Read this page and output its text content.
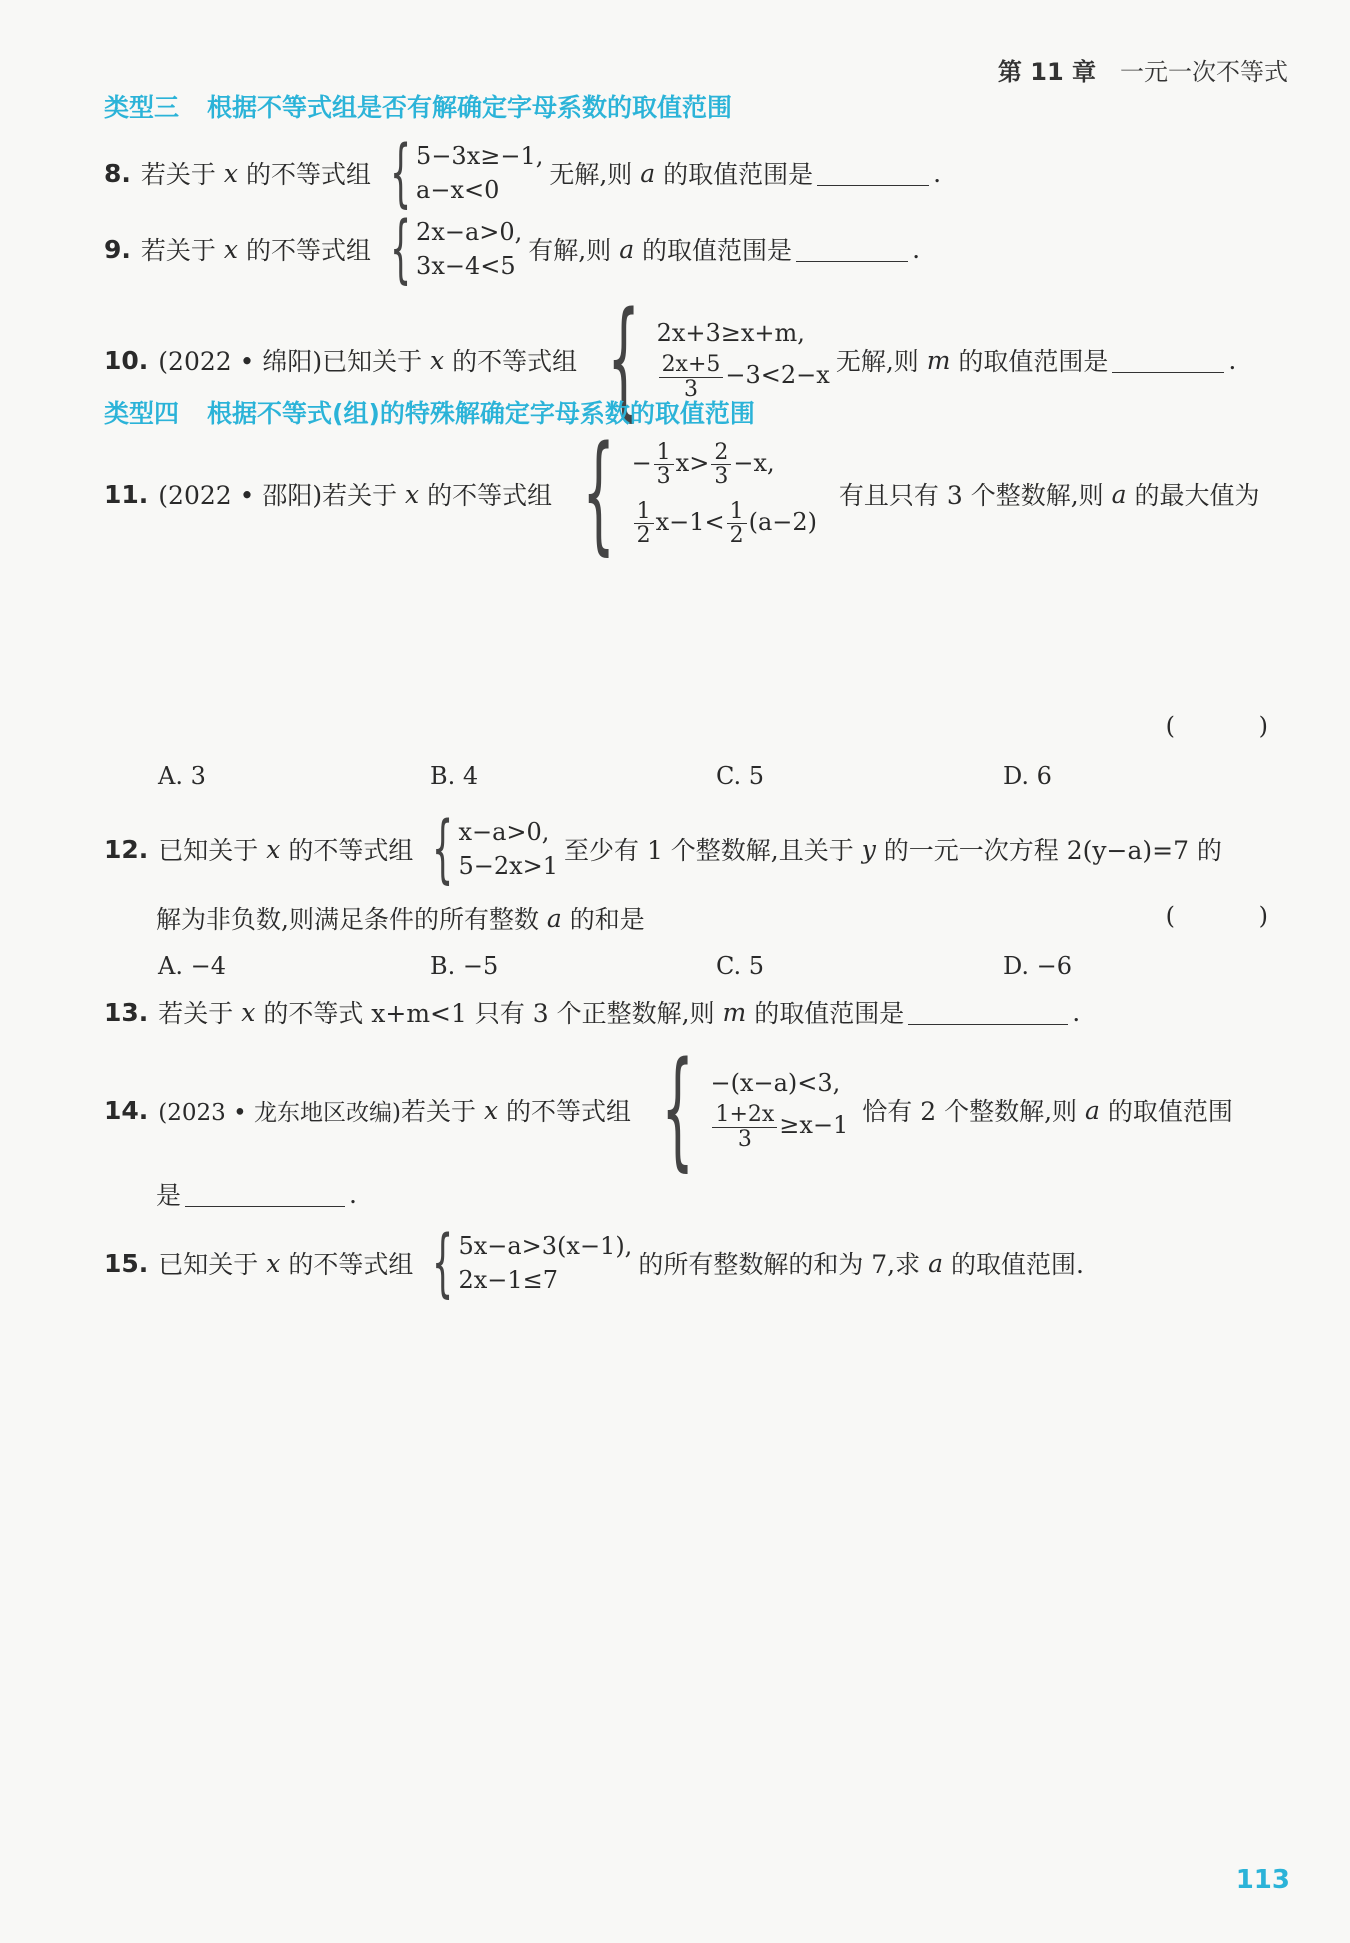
第 11 章 一元一次不等式
类型三 根据不等式组是否有解确定字母系数的取值范围
8. 若关于
x
的不等式组 { 5−3x≥−1,
a−x<0
无解,则
a
的取值范围是	.
9. 若关于
x
的不等式组 { 2x−a>0,
3x−4<5
有解,则
a
的取值范围是	.
10. (2022 • 绵阳) 已知关于
x
的不等式组 { 2x+3≥x+m,
$\frac{2x+5}{3} -3<2-x$ 无解,则
m
的取值范围是	.
类型四 根据不等式(组)的特殊解确定字母系数的取值范围
11. (2022 • 邵阳) 若关于
x
的不等式组 { − $\frac{1}{3} x> \frac{2}{3} -x$,
$\frac{1}{2} x-1< \frac{1}{2} (a-2)$

有且只有 3 个整数解,则
a
的最大值为
( )
A. 3	B. 4	C. 5	D. 6
12. 已知关于
x
的不等式组 { x−a>0,
5−2x>1
至少有 1 个整数解,且关于
y
的一元一次方程 2(y−a)=7 的
解为非负数,则满足条件的所有整数
a
的和是	( )
A. −4	B. −5	C. 5	D. −6
13. 若关于
x
的不等式 x+m<1 只有 3 个正整数解,则
m
的取值范围是	.
14. (2023 • 龙东地区改编) 若关于
x
的不等式组 { −(x−a)<3,
$\frac{1+2x}{3} \ge x-1$
恰有 2 个整数解,则
a
的取值范围
是	.
15. 已知关于
x
的不等式组 { 5x−a>3(x−1),
2x−1≤7
的所有整数解的和为 7,求
a
的取值范围.
113
